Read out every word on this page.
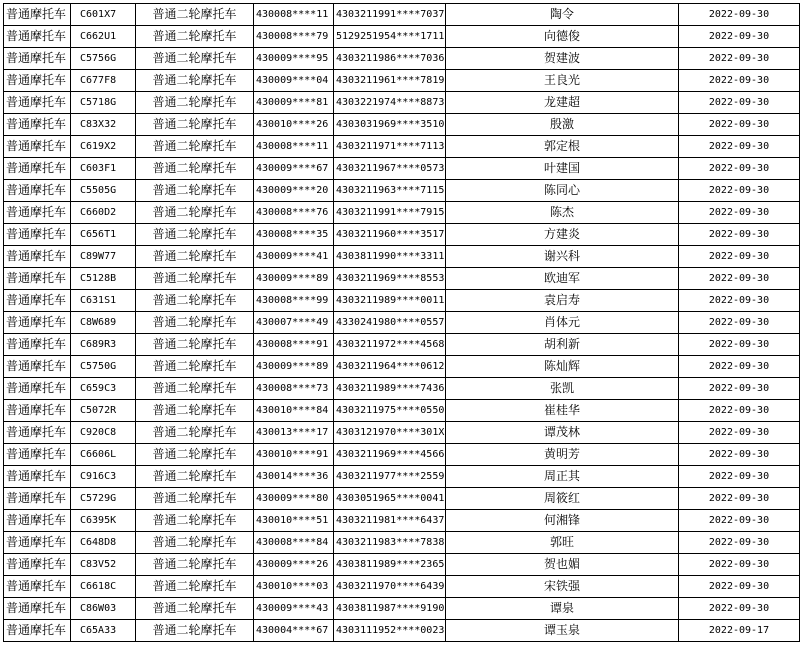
普通摩托车	C601X7	普通二轮摩托车	430008****11	4303211991****7037	陶令	2022-09-30
普通摩托车	C662U1	普通二轮摩托车	430008****79	5129251954****1711	向德俊	2022-09-30
普通摩托车	C5756G	普通二轮摩托车	430009****95	4303211986****7036	贺建波	2022-09-30
普通摩托车	C677F8	普通二轮摩托车	430009****04	4303211961****7819	王良光	2022-09-30
普通摩托车	C5718G	普通二轮摩托车	430009****81	4303221974****8873	龙建超	2022-09-30
普通摩托车	C83X32	普通二轮摩托车	430010****26	4303031969****3510	殷激	2022-09-30
普通摩托车	C619X2	普通二轮摩托车	430008****11	4303211971****7113	郭定根	2022-09-30
普通摩托车	C603F1	普通二轮摩托车	430009****67	4303211967****0573	叶建国	2022-09-30
普通摩托车	C5505G	普通二轮摩托车	430009****20	4303211963****7115	陈同心	2022-09-30
普通摩托车	C660D2	普通二轮摩托车	430008****76	4303211991****7915	陈杰	2022-09-30
普通摩托车	C656T1	普通二轮摩托车	430008****35	4303211960****3517	方建炎	2022-09-30
普通摩托车	C89W77	普通二轮摩托车	430009****41	4303811990****3311	谢兴科	2022-09-30
普通摩托车	C5128B	普通二轮摩托车	430009****89	4303211969****8553	欧迪军	2022-09-30
普通摩托车	C631S1	普通二轮摩托车	430008****99	4303211989****0011	袁启寿	2022-09-30
普通摩托车	C8W689	普通二轮摩托车	430007****49	4330241980****0557	肖体元	2022-09-30
普通摩托车	C689R3	普通二轮摩托车	430008****91	4303211972****4568	胡利新	2022-09-30
普通摩托车	C5750G	普通二轮摩托车	430009****89	4303211964****0612	陈灿辉	2022-09-30
普通摩托车	C659C3	普通二轮摩托车	430008****73	4303211989****7436	张凯	2022-09-30
普通摩托车	C5072R	普通二轮摩托车	430010****84	4303211975****0550	崔桂华	2022-09-30
普通摩托车	C920C8	普通二轮摩托车	430013****17	4303121970****301X	谭茂林	2022-09-30
普通摩托车	C6606L	普通二轮摩托车	430010****91	4303211969****4566	黄明芳	2022-09-30
普通摩托车	C916C3	普通二轮摩托车	430014****36	4303211977****2559	周正其	2022-09-30
普通摩托车	C5729G	普通二轮摩托车	430009****80	4303051965****0041	周筱红	2022-09-30
普通摩托车	C6395K	普通二轮摩托车	430010****51	4303211981****6437	何湘锋	2022-09-30
普通摩托车	C648D8	普通二轮摩托车	430008****84	4303211983****7838	郭旺	2022-09-30
普通摩托车	C83V52	普通二轮摩托车	430009****26	4303811989****2365	贺也媚	2022-09-30
普通摩托车	C6618C	普通二轮摩托车	430010****03	4303211970****6439	宋铁强	2022-09-30
普通摩托车	C86W03	普通二轮摩托车	430009****43	4303811987****9190	谭泉	2022-09-30
普通摩托车	C65A33	普通二轮摩托车	430004****67	4303111952****0023	谭玉泉	2022-09-17
